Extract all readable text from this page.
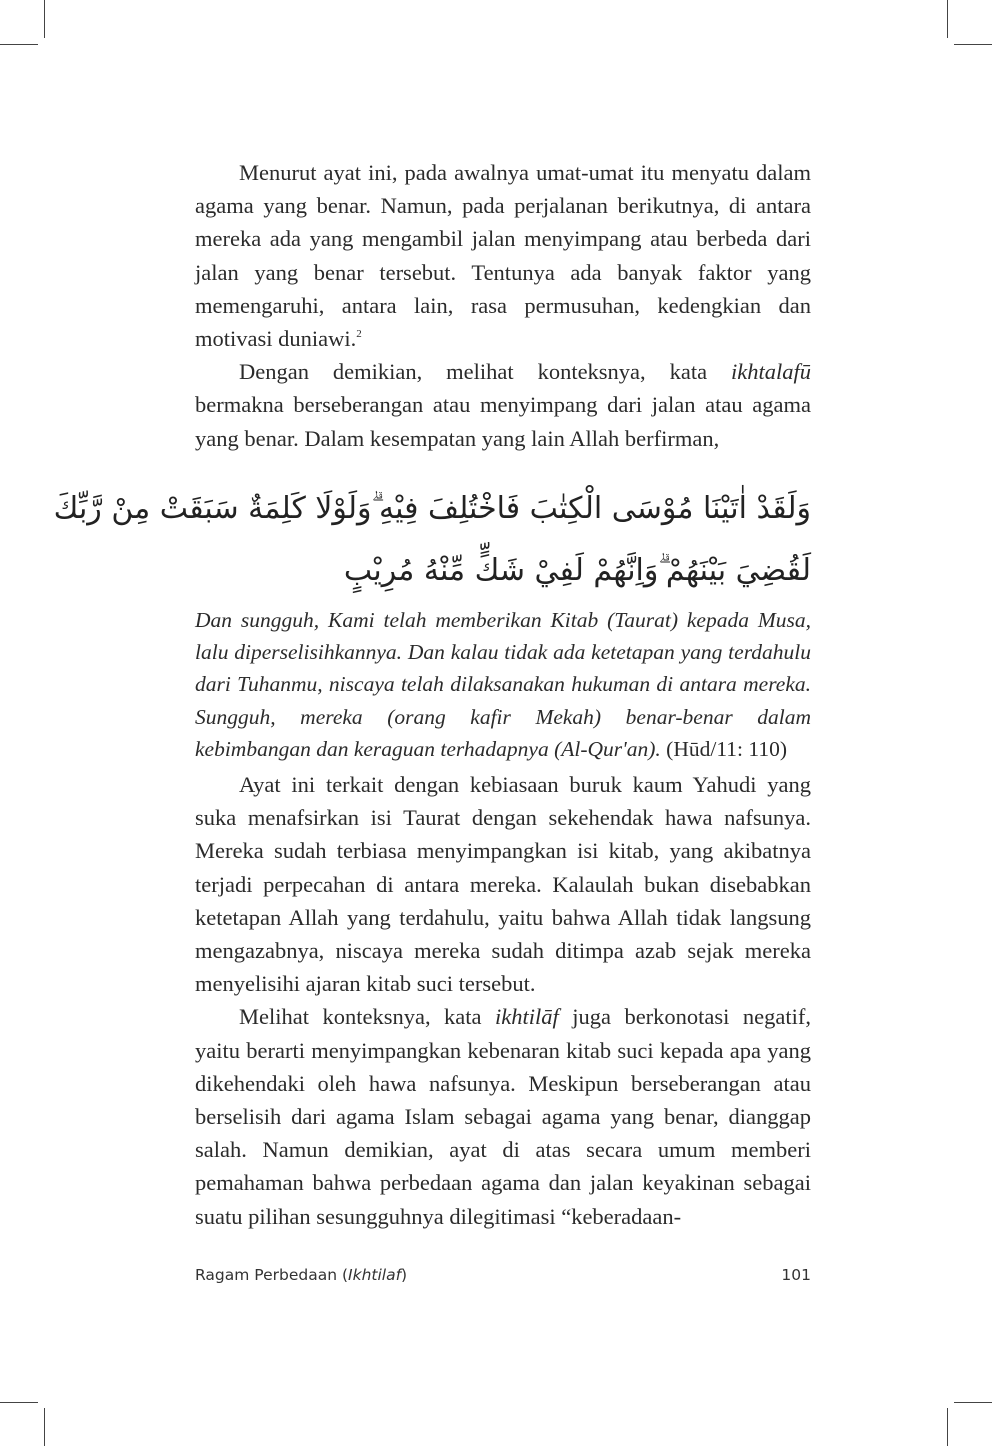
Menurut ayat ini, pada awalnya umat-umat itu menyatu dalam agama yang benar. Namun, pada perjalanan berikutnya, di antara mereka ada yang mengambil jalan menyimpang atau berbeda dari jalan yang benar tersebut. Tentunya ada banyak faktor yang memengaruhi, antara lain, rasa permusuhan, kedengkian dan motivasi duniawi.$^2$

Dengan demikian, melihat konteksnya, kata ikhtalafū bermakna berseberangan atau menyimpang dari jalan atau agama yang benar. Dalam kesempatan yang lain Allah berfirman,

وَلَقَدْ اٰتَيْنَا مُوْسَى الْكِتٰبَ فَاخْتُلِفَ فِيْهِ ۗوَلَوْلَا كَلِمَةٌ سَبَقَتْ مِنْ رَّبِّكَ
لَقُضِيَ بَيْنَهُمْ ۗوَاِنَّهُمْ لَفِيْ شَكٍّ مِّنْهُ مُرِيْبٍ
Dan sungguh, Kami telah memberikan Kitab (Taurat) kepada Musa, lalu diperselisihkannya. Dan kalau tidak ada ketetapan yang terdahulu dari Tuhanmu, niscaya telah dilaksanakan hukuman di antara mereka. Sungguh, mereka (orang kafir Mekah) benar-benar dalam kebimbangan dan keraguan terhadapnya (Al-Qur'an). (Hūd/11: 110)

Ayat ini terkait dengan kebiasaan buruk kaum Yahudi yang suka menafsirkan isi Taurat dengan sekehendak hawa nafsunya. Mereka sudah terbiasa menyimpangkan isi kitab, yang akibatnya terjadi perpecahan di antara mereka. Kalaulah bukan disebabkan ketetapan Allah yang terdahulu, yaitu bahwa Allah tidak langsung mengazabnya, niscaya mereka sudah ditimpa azab sejak mereka menyelisihi ajaran kitab suci tersebut.

Melihat konteksnya, kata ikhtilāf juga berkonotasi negatif, yaitu berarti menyimpangkan kebenaran kitab suci kepada apa yang dikehendaki oleh hawa nafsunya. Meskipun berseberangan atau berselisih dari agama Islam sebagai agama yang benar, dianggap salah. Namun demikian, ayat di atas secara umum memberi pemahaman bahwa perbedaan agama dan jalan keyakinan sebagai suatu pilihan sesungguhnya dilegitimasi “keberadaan-

Ragam Perbedaan (Ikhtilaf)	101
